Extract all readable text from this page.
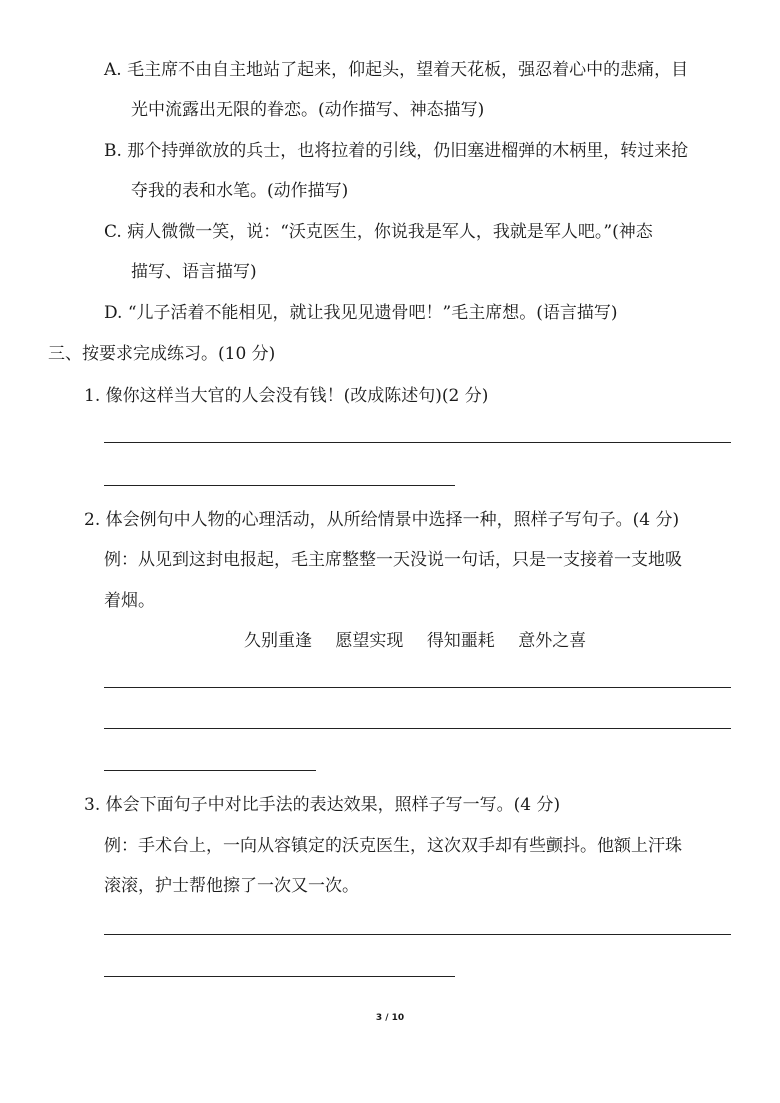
A. 毛主席不由自主地站了起来，仰起头，望着天花板，强忍着心中的悲痛，目
光中流露出无限的眷恋。(动作描写、神态描写)
B. 那个持弹欲放的兵士，也将拉着的引线，仍旧塞进榴弹的木柄里，转过来抢
夺我的表和水笔。(动作描写)
C. 病人微微一笑，说：“沃克医生，你说我是军人，我就是军人吧。”(神态
描写、语言描写)
D. “儿子活着不能相见，就让我见见遗骨吧！”毛主席想。(语言描写)
三、按要求完成练习。(10 分)
1. 像你这样当大官的人会没有钱！(改成陈述句)(2 分)
2. 体会例句中人物的心理活动，从所给情景中选择一种，照样子写句子。(4 分)
例：从见到这封电报起，毛主席整整一天没说一句话，只是一支接着一支地吸
着烟。
久别重逢 愿望实现 得知噩耗 意外之喜
3. 体会下面句子中对比手法的表达效果，照样子写一写。(4 分)
例：手术台上，一向从容镇定的沃克医生，这次双手却有些颤抖。他额上汗珠
滚滚，护士帮他擦了一次又一次。
3 / 10
